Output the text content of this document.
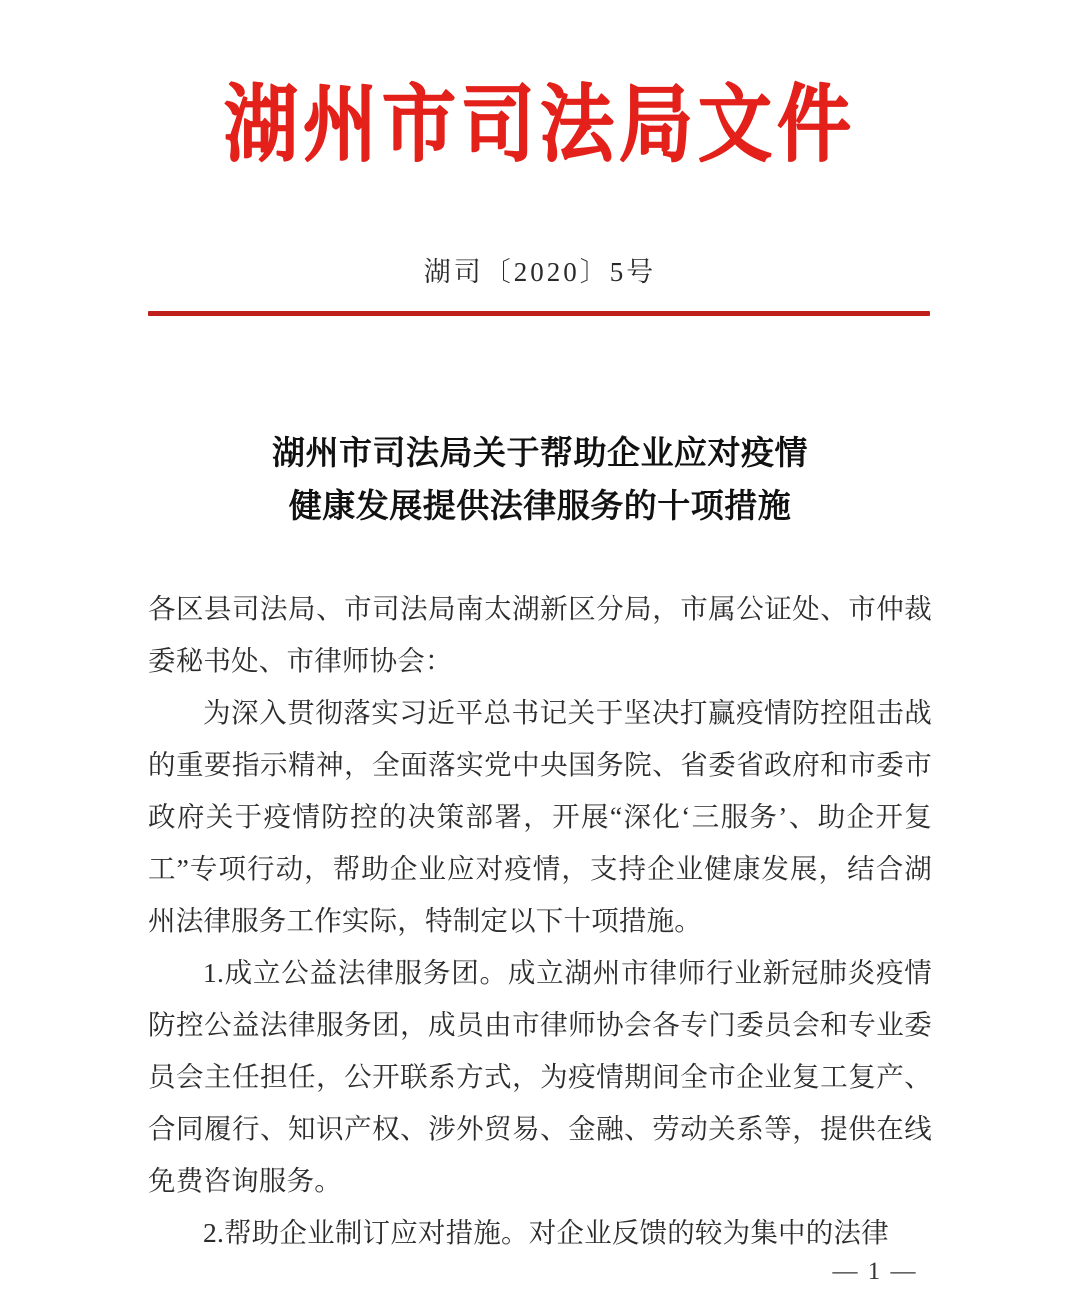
湖州市司法局文件
湖司〔2020〕5号
湖州市司法局关于帮助企业应对疫情
健康发展提供法律服务的十项措施

各区县司法局、市司法局南太湖新区分局，市属公证处、市仲裁委秘书处、市律师协会：

为深入贯彻落实习近平总书记关于坚决打赢疫情防控阻击战的重要指示精神，全面落实党中央国务院、省委省政府和市委市政府关于疫情防控的决策部署，开展“深化‘三服务’、助企开复工”专项行动，帮助企业应对疫情，支持企业健康发展，结合湖州法律服务工作实际，特制定以下十项措施。

1.成立公益法律服务团。成立湖州市律师行业新冠肺炎疫情防控公益法律服务团，成员由市律师协会各专门委员会和专业委员会主任担任，公开联系方式，为疫情期间全市企业复工复产、合同履行、知识产权、涉外贸易、金融、劳动关系等，提供在线免费咨询服务。

2.帮助企业制订应对措施。对企业反馈的较为集中的法律

— 1 —
